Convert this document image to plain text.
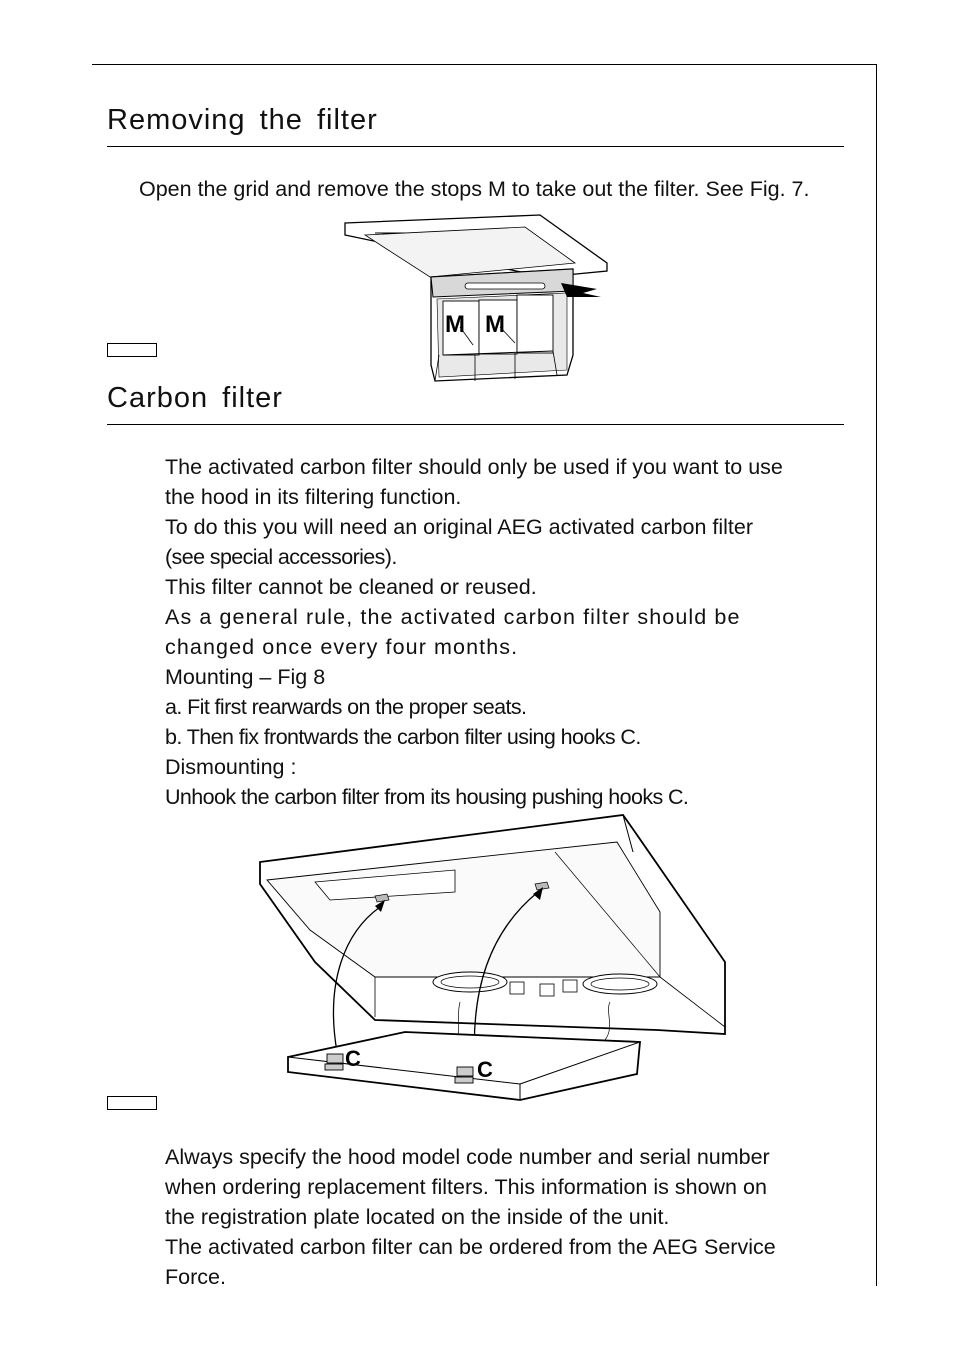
Removing the filter
Open the grid and remove the stops M to take out the filter. See Fig. 7.
M M
Carbon filter

The activated carbon filter should only be used if you want to use

the hood in its filtering function.

To do this you will need an original AEG activated carbon filter

(see special accessories).

This filter cannot be cleaned or reused.

As a general rule, the activated carbon filter should be

changed once every four months.

Mounting – Fig 8

a. Fit first rearwards on the proper seats.

b. Then fix frontwards the carbon filter using hooks C.

Dismounting :

Unhook the carbon filter from its housing pushing hooks C.

C	C

Always specify the hood model code number and serial number

when ordering replacement filters. This information is shown on

the registration plate located on the inside of the unit.

The activated carbon filter can be ordered from the AEG Service

Force.
